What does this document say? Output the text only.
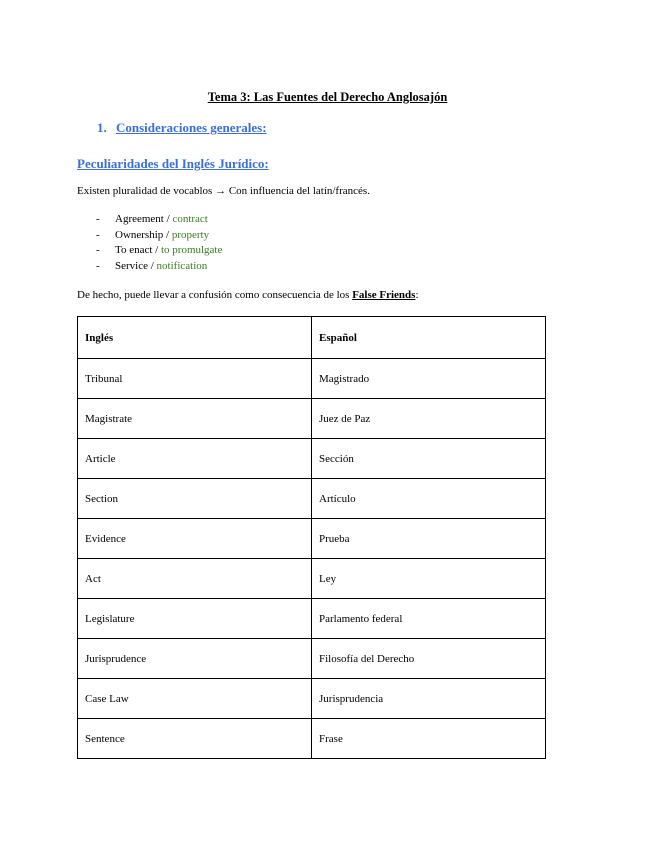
Tema 3: Las Fuentes del Derecho Anglosajón
1. Consideraciones generales:
Peculiaridades del Inglés Jurídico:
Existen pluralidad de vocablos → Con influencia del latín/francés.
- Agreement / contract
- Ownership / property
- To enact / to promulgate
- Service / notification
De hecho, puede llevar a confusión como consecuencia de los False Friends:
Inglés	Español
Tribunal	Magistrado
Magistrate	Juez de Paz
Article	Sección
Section	Artículo
Evidence	Prueba
Act	Ley
Legislature	Parlamento federal
Jurisprudence	Filosofía del Derecho
Case Law	Jurisprudencia
Sentence	Frase
